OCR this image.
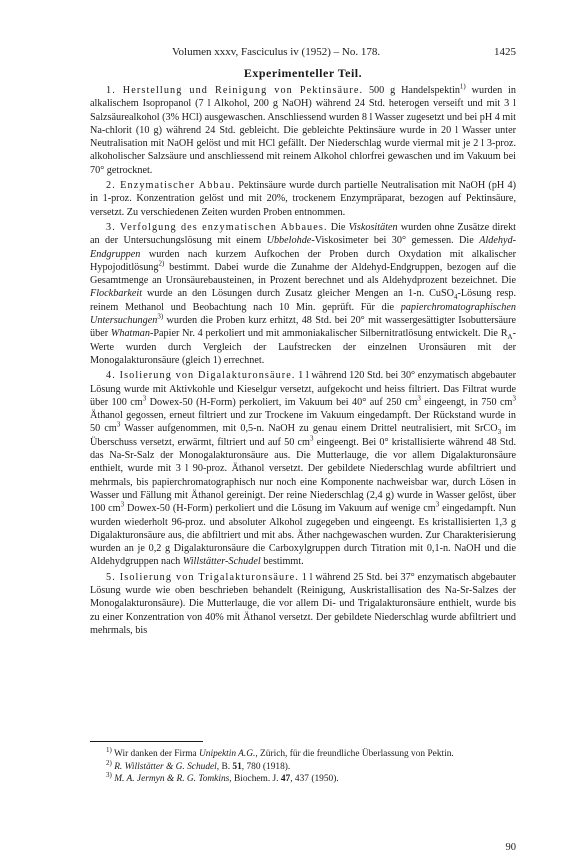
Volumen xxxv, Fasciculus iv (1952) – No. 178.	1425
Experimenteller Teil.

1. Herstellung und Reinigung von Pektinsäure. 500 g Handelspektin$^{1)}$ wurden in alkalischem Isopropanol (7 l Alkohol, 200 g NaOH) während 24 Std. heterogen verseift und mit 3 l Salzsäurealkohol (3% HCl) ausgewaschen. Anschliessend wurden 8 l Wasser zugesetzt und bei pH 4 mit Na-chlorit (10 g) während 24 Std. gebleicht. Die gebleichte Pektinsäure wurde in 20 l Wasser unter Neutralisation mit NaOH gelöst und mit HCl gefällt. Der Niederschlag wurde viermal mit je 2 l 3-proz. alkoholischer Salzsäure und anschliessend mit reinem Alkohol chlorfrei gewaschen und im Vakuum bei 70° getrocknet.

2. Enzymatischer Abbau. Pektinsäure wurde durch partielle Neutralisation mit NaOH (pH 4) in 1-proz. Konzentration gelöst und mit 20%, trockenem Enzympräparat, bezogen auf Pektinsäure, versetzt. Zu verschiedenen Zeiten wurden Proben entnommen.

3. Verfolgung des enzymatischen Abbaues. Die Viskositäten wurden ohne Zusätze direkt an der Untersuchungslösung mit einem Ubbelohde-Viskosimeter bei 30° gemessen. Die Aldehyd-Endgruppen wurden nach kurzem Aufkochen der Proben durch Oxydation mit alkalischer Hypojoditlösung$^{2)}$ bestimmt. Dabei wurde die Zunahme der Aldehyd-Endgruppen, bezogen auf die Gesamtmenge an Uronsäurebausteinen, in Prozent berechnet und als Aldehydprozent bezeichnet. Die Flockbarkeit wurde an den Lösungen durch Zusatz gleicher Mengen an 1-n. CuSO$_4$-Lösung resp. reinem Methanol und Beobachtung nach 10 Min. geprüft. Für die papierchromatographischen Untersuchungen$^{3)}$ wurden die Proben kurz erhitzt, 48 Std. bei 20° mit wassergesättigter Isobuttersäure über Whatman-Papier Nr. 4 perkoliert und mit ammoniakalischer Silbernitratlösung entwickelt. Die $R_A$-Werte wurden durch Vergleich der Laufstrecken der einzelnen Uronsäuren mit der Monogalakturonsäure (gleich 1) errechnet.

4. Isolierung von Digalakturonsäure. 1 l während 120 Std. bei 30° enzymatisch abgebauter Lösung wurde mit Aktivkohle und Kieselgur versetzt, aufgekocht und heiss filtriert. Das Filtrat wurde über 100 $cm^3$ Dowex-50 (H-Form) perkoliert, im Vakuum bei 40° auf 250 $cm^3$ eingeengt, in 750 $cm^3$ Äthanol gegossen, erneut filtriert und zur Trockene im Vakuum eingedampft. Der Rückstand wurde in 50 $cm^3$ Wasser aufgenommen, mit 0,5-n. NaOH zu genau einem Drittel neutralisiert, mit SrCO$_3$ im Überschuss versetzt, erwärmt, filtriert und auf 50 $cm^3$ eingeengt. Bei 0° kristallisierte während 48 Std. das Na-Sr-Salz der Monogalakturonsäure aus. Die Mutterlauge, die vor allem Digalakturonsäure enthielt, wurde mit 3 l 90-proz. Äthanol versetzt. Der gebildete Niederschlag wurde abfiltriert und mehrmals, bis papierchromatographisch nur noch eine Komponente nachweisbar war, durch Lösen in Wasser und Fällung mit Äthanol gereinigt. Der reine Niederschlag (2,4 g) wurde in Wasser gelöst, über 100 $cm^3$ Dowex-50 (H-Form) perkoliert und die Lösung im Vakuum auf wenige $cm^3$ eingedampft. Nun wurden wiederholt 96-proz. und absoluter Alkohol zugegeben und eingeengt. Es kristallisierten 1,3 g Digalakturonsäure aus, die abfiltriert und mit abs. Äther nachgewaschen wurden. Zur Charakterisierung wurden an je 0,2 g Digalakturonsäure die Carboxylgruppen durch Titration mit 0,1-n. NaOH und die Aldehydgruppen nach Willstätter-Schudel bestimmt.

5. Isolierung von Trigalakturonsäure. 1 l während 25 Std. bei 37° enzymatisch abgebauter Lösung wurde wie oben beschrieben behandelt (Reinigung, Auskristallisation des Na-Sr-Salzes der Monogalakturonsäure). Die Mutterlauge, die vor allem Di- und Trigalakturonsäure enthielt, wurde bis zu einer Konzentration von 40% mit Äthanol versetzt. Der gebildete Niederschlag wurde abfiltriert und mehrmals, bis

$^{1)}$ Wir danken der Firma Unipektin A.G., Zürich, für die freundliche Überlassung von Pektin.

$^{2)}$ R. Willstätter & G. Schudel, B. 51, 780 (1918).

$^{3)}$ M. A. Jermyn & R. G. Tomkins, Biochem. J. 47, 437 (1950).

90
